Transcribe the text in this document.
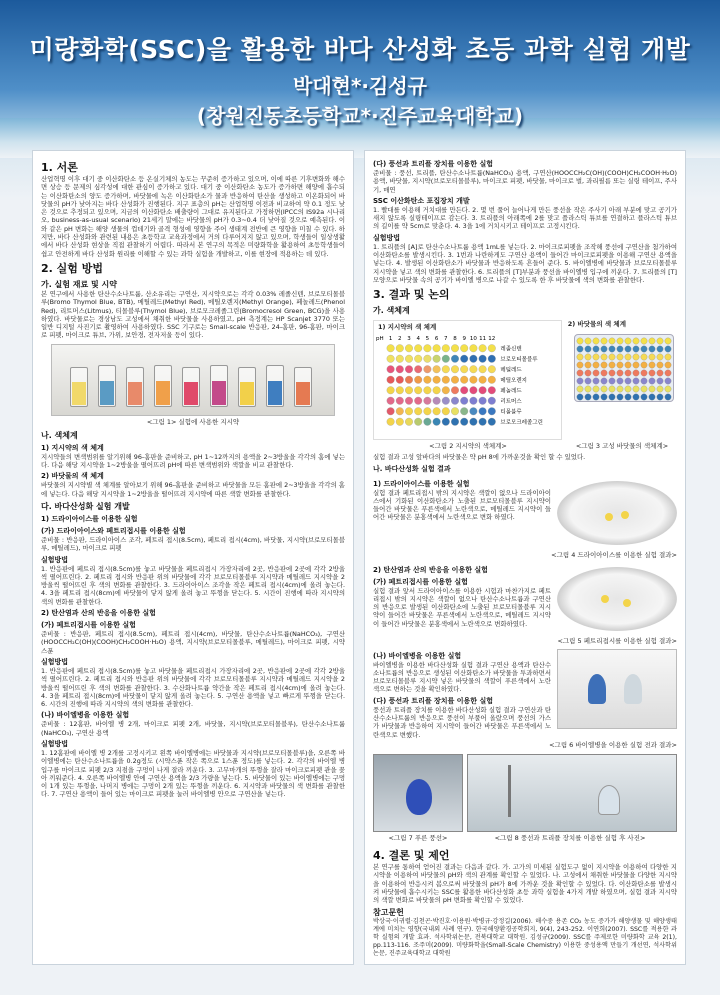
미량화학(SSC)을 활용한 바다 산성화 초등 과학 실험 개발
박대현*·김성규
(창원진동초등학교*·진주교육대학교)
1. 서론

산업혁명 이후 대기 중 이산화탄소 등 온실기체의 농도는 꾸준히 증가하고 있으며, 이에 따른 기후변화와 해수면 상승 등 문제의 심각성에 대한 관심이 증가하고 있다. 대기 중 이산화탄소 농도가 증가하면 해양에 흡수되는 이산화탄소의 양도 증가하며, 바닷물에 녹은 이산화탄소가 물과 반응하여 탄산을 생성하고 이온화되어 바닷물의 pH가 낮아지는 바다 산성화가 진행된다. 지구 표층의 pH는 산업혁명 이전과 비교하여 약 0.1 정도 낮은 것으로 추정되고 있으며, 지금의 이산화탄소 배출량이 그대로 유지된다고 가정하면(IPCC의 IS92a 시나리오, business-as-usual scenario) 21세기 말에는 바닷물의 pH가 0.3~0.4 더 낮아질 것으로 예측된다. 이와 같은 pH 변화는 해양 생물의 껍데기와 골격 형성에 영향을 주어 생태계 전반에 큰 영향을 미칠 수 있다. 하지만, 바다 산성화와 관련된 내용은 초등학교 교육과정에서 거의 다루어지지 않고 있으며, 학생들이 일상생활에서 바다 산성화 현상을 직접 관찰하기 어렵다. 따라서 본 연구의 목적은 미량화학을 활용하여 초등학생들이 쉽고 안전하게 바다 산성화 원리를 이해할 수 있는 과학 실험을 개발하고, 이를 현장에 적용하는 데 있다.

2. 실험 방법
가. 실험 재료 및 시약

본 연구에서 사용한 탄산수소나트륨, 산소유리는 구연산, 지시약으로는 각각 0.03% 레졸신텐, 브로모티몰블루(Bromo Thymol Blue, BTB), 메틸레드(Methyl Red), 메틸오렌지(Methyl Orange), 페놀레드(Phenol Red), 리트머스(Litmus), 티몰블루(Thymol Blue), 브로모크레졸그린(Bromocresol Green, BCG)을 사용하였다. 바닷물로는 경상남도 고성에서 채취한 바닷물을 사용하였고, pH 측정계는 HP Scanjet 3770 또는 일반 디지털 사진기로 촬영하여 사용하였다. SSC 기구로는 Small-scale 반응판, 24-홈판, 96-홈판, 마이크로 피펫, 마이크로 튜브, 가위, 보안경, 전자저울 등이 있다.

<그림 1> 실험에 사용한 지시약
나. 색체계
1) 지시약의 색 체계

지시약들의 변색범위를 알기위해 96-홈판을 준비하고, pH 1~12까지의 용액을 2~3방울을 각각의 홈에 넣는다. 다음 해당 지시약을 1~2방울을 떨어뜨려 pH에 따른 변색범위와 색깔을 비교 관찰한다.

2) 바닷물의 색 체계

바닷물의 지시약별 색 체계를 알아보기 위해 96-홈판을 준비하고 바닷물을 모든 홈판에 2~3방울을 각각의 홈에 넣는다. 다음 해당 지시약을 1~2방울을 떨어뜨려 지시약에 따른 색깔 변화를 관찰한다.

다. 바다산성화 실험 개발
1) 드라이아이스를 이용한 실험
(가) 드라이아이스와 페트리접시를 이용한 실험

준비물 : 반응판, 드라이아이스 조각, 페트리 접시(8.5cm), 페트리 접시(4cm), 바닷물, 지시약(브로모티몰블루, 메틸레드), 마이크로 피펫

실험방법

1. 반응판에 페트리 접시(8.5cm)를 놓고 바닷물을 페트리접시 가장자리에 2곳, 반응판에 2곳에 각각 2방울씩 떨어뜨린다. 2. 페트리 접시와 반응판 위의 바닷물에 각각 브로모티몰블루 지시약과 메틸레드 지시약을 2방울씩 떨어뜨린 후 색의 변화를 관찰한다. 3. 드라이아이스 조각을 작은 페트리 접시(4cm)에 올려 놓는다. 4. 3을 페트리 접시(8cm)에 바닷물이 닿지 않게 올려 놓고 뚜껑을 닫는다. 5. 시간이 진행에 따라 지시약의 색의 변화를 관찰한다.

2) 탄산염과 산의 반응을 이용한 실험
(가) 페트리접시를 이용한 실험

준비물 : 반응판, 페트리 접시(8.5cm), 페트리 접시(4cm), 바닷물, 탄산수소나트륨(NaHCO₃), 구연산(HOOCCH₂C(OH)(COOH)CH₂COOH·H₂O) 용액, 지시약(브로모티몰블루, 메틸레드), 마이크로 피펫, 시약스푼

실험방법

1. 반응판에 페트리 접시(8.5cm)를 놓고 바닷물을 페트리접시 가장자리에 2곳, 반응판에 2곳에 각각 2방울씩 떨어뜨린다. 2. 페트리 접시와 반응판 위의 바닷물에 각각 브로모티몰블루 지시약과 메틸레드 지시약을 2방울씩 떨어뜨린 후 색의 변화를 관찰한다. 3. 수산화나트륨 약간을 작은 페트리 접시(4cm)에 올려 놓는다. 4. 3을 페트리 접시(8cm)에 바닷물이 닿지 않게 올려 놓는다. 5. 구연산 용액을 넣고 빠르게 뚜껑을 닫는다. 6. 시간의 진행에 따라 지시약의 색의 변화를 관찰한다.

(나) 바이엘병을 이용한 실험

준비물 : 12홈판, 바이엘 병 2개, 마이크로 피펫 2개, 바닷물, 지시약(브로모티몰블루), 탄산수소나트륨(NaHCO₃), 구연산 용액

실험방법

1. 12홈판에 바이엘 병 2개를 고정시키고 왼쪽 바이엘병에는 바닷물과 지시약(브로모티몰블루)을, 오른쪽 바이엘병에는 탄산수소나트륨을 0.2g정도 (시약스푼 작은 쪽으로 1스푼 정도)를 넣는다. 2. 각각의 바이엘 병 입구를 마이크로 피펫 2/3 지점을 구멍이 나게 잘라 끼운다. 3. 고무마개의 뚜껑을 잘라 마이크로피펫 관을 꽂아 끼워준다. 4. 오른쪽 바이엘병 안에 구연산 용액을 2/3 가량을 넣는다. 5. 바닷물이 있는 바이엘병에는 구멍이 1개 있는 뚜껑을, 나머지 병에는 구멍이 2개 있는 뚜껑을 끼운다. 6. 지시약과 바닷물의 색 변화를 관찰한다. 7. 구연산 용액이 들어 있는 마이크로 피펫을 눌러 바이엘병 안으로 구연산을 넣는다.

(다) 풍선과 트리플 장치를 이용한 실험

준비물 : 풍선, 트리플, 탄산수소나트륨(NaHCO₃) 용액, 구연산(HOOCCH₂C(OH)(COOH)CH₂COOH·H₂O) 용액, 바닷물, 지시약(브로모티몰블루), 마이크로 피펫, 바닷물, 마이크로 벌, 과리필름 또는 실링 테이프, 주사기, 매연

SSC 이산화탄소 포집장치 개발

1. 빨대를 이용해 거치대를 만든다. 2. 몇 번 풀어 늘어나게 만든 풍선을 작은 주사기 아래 부분에 맞고 공기가 새지 않도록 실링테이프로 감는다. 3. 트리플의 아래쪽에 2를 맞고 플라스틱 튜브를 연결하고 플라스틱 튜브의 길이를 약 5cm로 맞춘다. 4. 3을 1에 거치시키고 테이프로 고정시킨다.

실험방법

1. 트리플의 [A]로 탄산수소나트륨 용액 1mL를 넣는다. 2. 마이크로피펫을 조작해 풍선에 구연산을 첨가하여 이산화탄소를 발생시킨다. 3. 1번과 나란하게도 구연산 용액이 들어간 마이크로피펫을 이용해 구연산 용액을 넣는다. 4. 발생된 이산화탄소가 바닷물과 반응하도록 흔들어 준다. 5. 바이엘병에 바닷물과 브로모티몰블루 지시약을 넣고 색의 변화를 관찰한다. 6. 트리플의 [T]부분과 풍선을 바이엘병 입구에 끼운다. 7. 트리플의 [T] 모양으로 바닷물 속의 공기가 바이엘 병으로 나갈 수 있도록 한 후 바닷물에 색의 변화를 관찰한다.

3. 결과 및 논의
가. 색체계
1) 지시약의 색 체계
pH 1 2 3 4 5 6 7 8 9 10 11 12
레졸신텐
브로모티몰블루
메틸레드
메틸오렌지
페놀레드
리트머스
티몰블루
브로모크레졸그린
2) 바닷물의 색 체계
<그림 2 지시약의 색체계>	<그림 3 고성 바닷물의 색체계>

실험 결과 고성 앞바다의 바닷물은 약 pH 8에 가까운것을 확인 할 수 있었다.

나. 바다산성화 실험 결과
1) 드라이아이스를 이용한 실험

실험 결과 페트리접시 밖의 지시약은 색깔이 없으나 드라이아이스에서 기화된 이산화탄소가 노출된 브로모티몰블루 지시약이 들어간 바닷물은 푸른색에서 노란색으로, 메틸레드 지시약이 들어간 바닷물은 분홍색에서 노란색으로 변화 하였다.

<그림 4 드라이아이스를 이용한 실험 결과>
2) 탄산염과 산의 반응을 이용한 실험
(가) 페트리접시를 이용한 실험

실험 결과 앞서 드라이아이스를 이용한 시험과 마찬가지로 페트리접시 밖의 지시약은 색깔이 없으나 탄산수소나트륨과 구연산의 반응으로 발생된 이산화탄소에 노출된 브로모티몰블루 지시약이 들어간 바닷물은 푸른색에서 노란색으로, 메틸레드 지시약이 들어간 바닷물은 분홍색에서 노란색으로 변화하였다.

<그림 5 페트리접시를 이용한 실험 결과>
(나) 바이엘병을 이용한 실험

바이엘병을 이용한 바다산성화 실험 결과 구연산 용액과 탄산수소나트륨의 반응으로 생성된 이산화탄소가 바닷물을 투과하면서 브로모티몰블루 지시약 넣은 바닷물의 색깔이 푸른색에서 노란색으로 변하는 것을 확인하였다.

(다) 풍선과 트리플 장치를 이용한 실험

풍선과 트리플 장치를 이용한 바다산성화 실험 결과 구연산과 탄산수소나트륨의 반응으로 풍선이 부풀어 올랐으며 풍선의 가스가 바닷물과 반응하여 지시약이 들어간 바닷물은 푸른색에서 노란색으로 변했다.

<그림 6 바이엘병을 이용한 실험 전과 결과>
<그림 7 푸른 풍선>	<그림 8 풍선과 트리플 장치를 이용한 실험 후 사진>
4. 결론 및 제언

본 연구를 통하여 얻어진 결과는 다음과 같다. 가. 고가의 미세된 실험도구 없이 지시약을 이용하여 다양한 지시약을 이용하여 바닷물의 pH와 색의 관계를 확인할 수 있었다. 나. 고성에서 채취한 바닷물을 다양한 지시약을 이용하여 반응시켜 봄으로써 바닷물의 pH가 8에 가까운 것을 확인할 수 있었다. 다. 이산화탄소를 발생시켜 바닷물에 흡수시키는 SSC를 활용한 바다산성화 초등 과학 실험을 4가지 개발 하였으며, 실험 결과 지시약의 색깔 변화로 바닷물의 pH 변화를 확인할 수 있었다.

참고문헌

박상국·이귀렬·김천곤·박진호·이용원·박병규·강정길(2006). 해수중 용존 CO₂ 농도 증가가 해양생물 및 해양생태계에 미치는 영향(국내외 사례 연구). 한국해양환경공학회지, 9(4), 243-252. 이연희(2007). SSC를 적용한 과학 실험의 개발 효과. 석사학위논문, 전북대학교 대학원. 김성규(2009). SSC를 주제로한 미량화학 교육 2(1), pp.113-116. 조주미(2009). 미량화학을(Small-Scale Chemistry) 이용한 중성용액 만들기 개선연, 석사학위논문, 진주교육대학교 대학원
